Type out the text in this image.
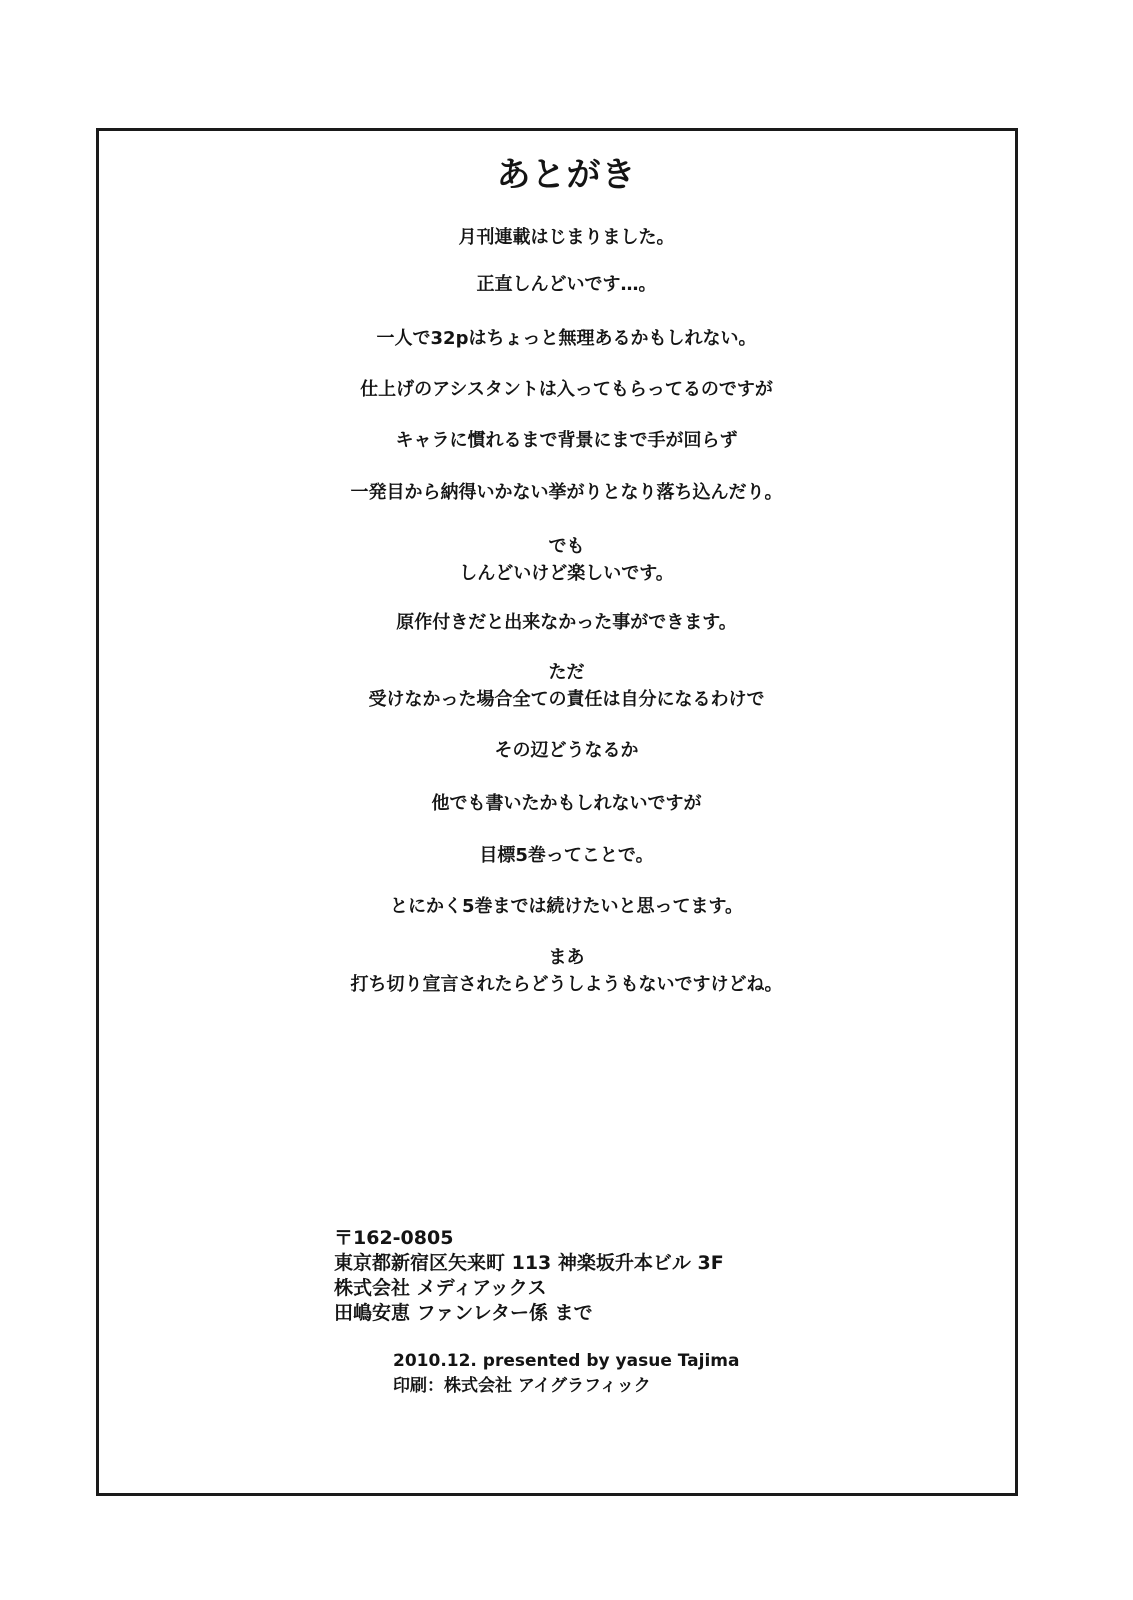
あとがき
月刊連載はじまりました。
正直しんどいです…。
一人で32pはちょっと無理あるかもしれない。
仕上げのアシスタントは入ってもらってるのですが
キャラに慣れるまで背景にまで手が回らず
一発目から納得いかない挙がりとなり落ち込んだり。
でも
しんどいけど楽しいです。
原作付きだと出来なかった事ができます。
ただ
受けなかった場合全ての責任は自分になるわけで
その辺どうなるか
他でも書いたかもしれないですが
目標5巻ってことで。
とにかく5巻までは続けたいと思ってます。
まあ
打ち切り宣言されたらどうしようもないですけどね。
〒162-0805
東京都新宿区矢来町 113 神楽坂升本ビル 3F
株式会社 メディアックス
田嶋安恵 ファンレター係 まで
2010.12. presented by yasue Tajima
印刷：株式会社 アイグラフィック
